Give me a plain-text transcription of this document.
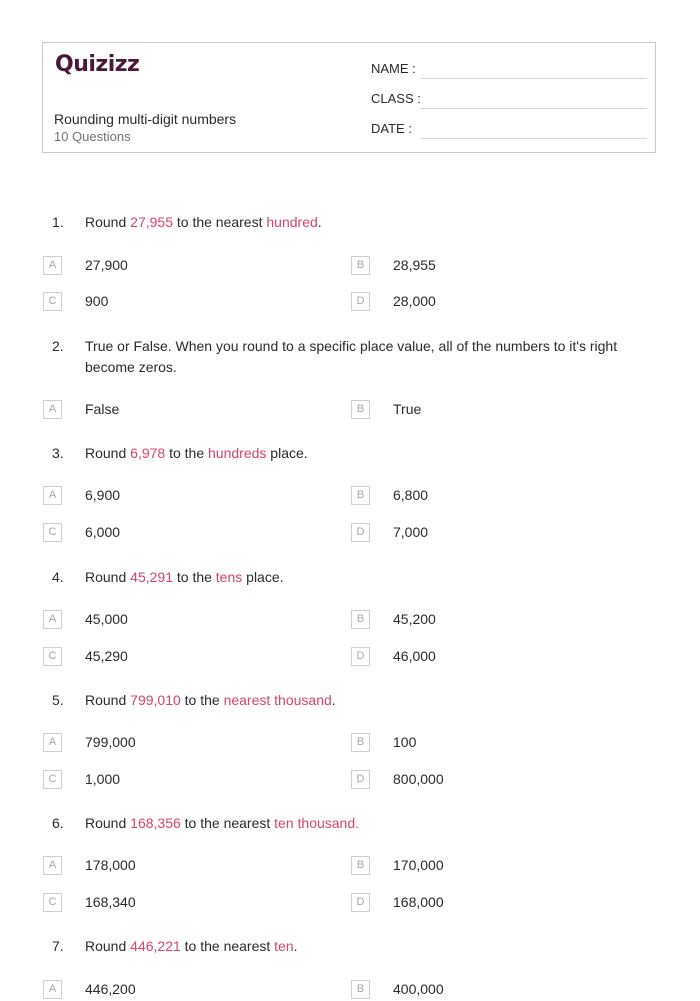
Quizizz
Rounding multi-digit numbers
10 Questions
NAME :
CLASS :
DATE :
1.	Round 27,955 to the nearest hundred.
A	27,900	B	28,955
C	900	D	28,000
2.	True or False. When you round to a specific place value, all of the numbers to it's right become zeros.
A	False	B	True
3.	Round 6,978 to the hundreds place.
A	6,900	B	6,800
C	6,000	D	7,000
4.	Round 45,291 to the tens place.
A	45,000	B	45,200
C	45,290	D	46,000
5.	Round 799,010 to the nearest thousand.
A	799,000	B	100
C	1,000	D	800,000
6.	Round 168,356 to the nearest ten thousand.
A	178,000	B	170,000
C	168,340	D	168,000
7.	Round 446,221 to the nearest ten.
A	446,200	B	400,000
